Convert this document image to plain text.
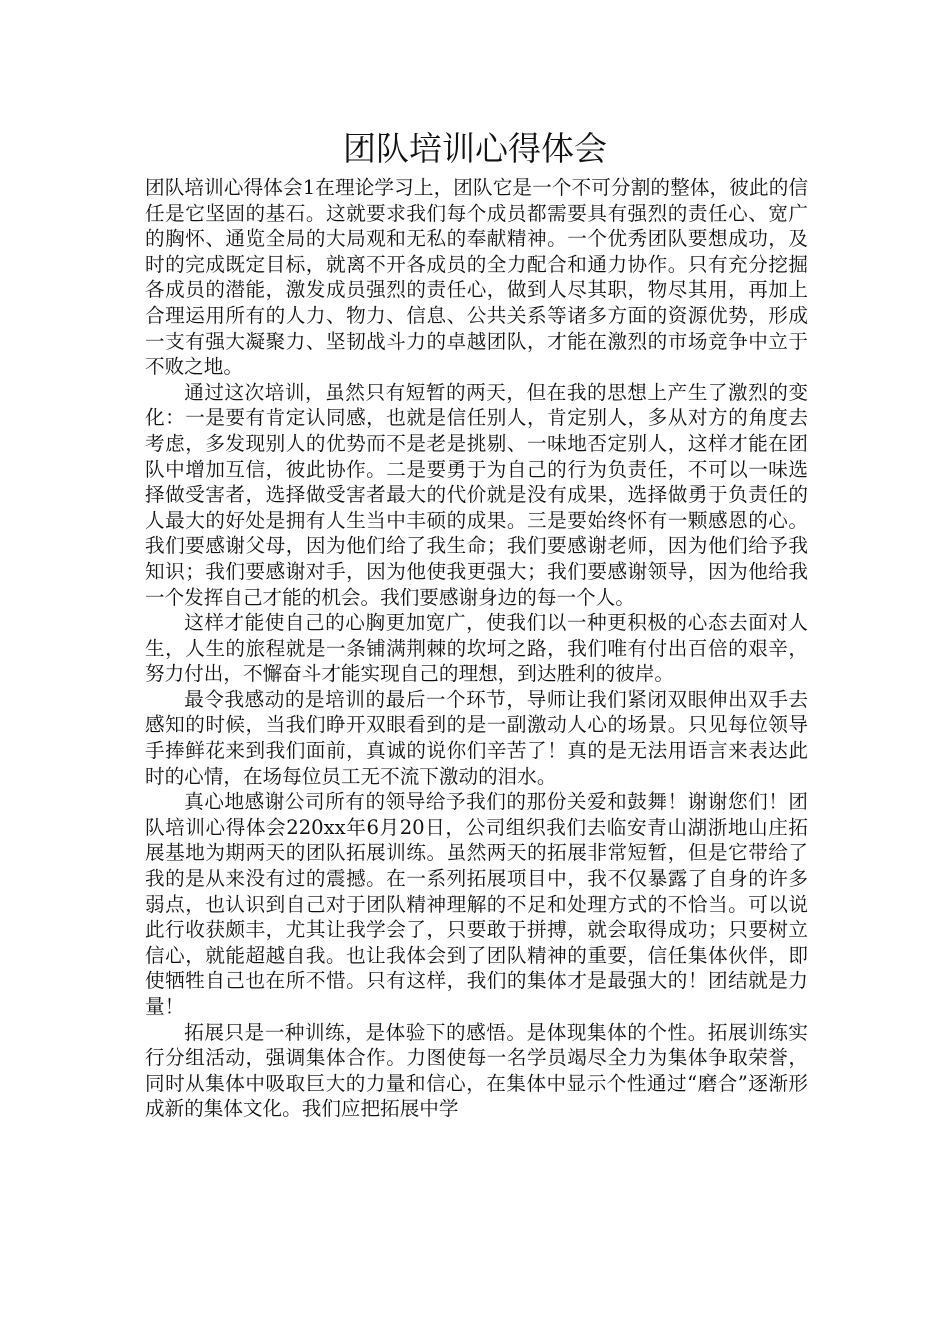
团队培训心得体会

团队培训心得体会1在理论学习上，团队它是一个不可分割的整体，彼此的信任是它坚固的基石。这就要求我们每个成员都需要具有强烈的责任心、宽广的胸怀、通览全局的大局观和无私的奉献精神。一个优秀团队要想成功，及时的完成既定目标，就离不开各成员的全力配合和通力协作。只有充分挖掘各成员的潜能，激发成员强烈的责任心，做到人尽其职，物尽其用，再加上合理运用所有的人力、物力、信息、公共关系等诸多方面的资源优势，形成一支有强大凝聚力、坚韧战斗力的卓越团队，才能在激烈的市场竞争中立于不败之地。

通过这次培训，虽然只有短暂的两天，但在我的思想上产生了激烈的变化：一是要有肯定认同感，也就是信任别人，肯定别人，多从对方的角度去考虑，多发现别人的优势而不是老是挑剔、一味地否定别人，这样才能在团队中增加互信，彼此协作。二是要勇于为自己的行为负责任，不可以一味选择做受害者，选择做受害者最大的代价就是没有成果，选择做勇于负责任的人最大的好处是拥有人生当中丰硕的成果。三是要始终怀有一颗感恩的心。我们要感谢父母，因为他们给了我生命；我们要感谢老师，因为他们给予我知识；我们要感谢对手，因为他使我更强大；我们要感谢领导，因为他给我一个发挥自己才能的机会。我们要感谢身边的每一个人。

这样才能使自己的心胸更加宽广，使我们以一种更积极的心态去面对人生，人生的旅程就是一条铺满荆棘的坎坷之路，我们唯有付出百倍的艰辛，努力付出，不懈奋斗才能实现自己的理想，到达胜利的彼岸。

最令我感动的是培训的最后一个环节，导师让我们紧闭双眼伸出双手去感知的时候，当我们睁开双眼看到的是一副激动人心的场景。只见每位领导手捧鲜花来到我们面前，真诚的说你们辛苦了！真的是无法用语言来表达此时的心情，在场每位员工无不流下激动的泪水。

真心地感谢公司所有的领导给予我们的那份关爱和鼓舞！谢谢您们！团队培训心得体会220xx年6月20日，公司组织我们去临安青山湖浙地山庄拓展基地为期两天的团队拓展训练。虽然两天的拓展非常短暂，但是它带给了我的是从来没有过的震撼。在一系列拓展项目中，我不仅暴露了自身的许多弱点，也认识到自己对于团队精神理解的不足和处理方式的不恰当。可以说此行收获颇丰，尤其让我学会了，只要敢于拼搏，就会取得成功；只要树立信心，就能超越自我。也让我体会到了团队精神的重要，信任集体伙伴，即使牺牲自己也在所不惜。只有这样，我们的集体才是最强大的！团结就是力量！

拓展只是一种训练，是体验下的感悟。是体现集体的个性。拓展训练实行分组活动，强调集体合作。力图使每一名学员竭尽全力为集体争取荣誉，同时从集体中吸取巨大的力量和信心，在集体中显示个性通过“磨合”逐渐形成新的集体文化。我们应把拓展中学
